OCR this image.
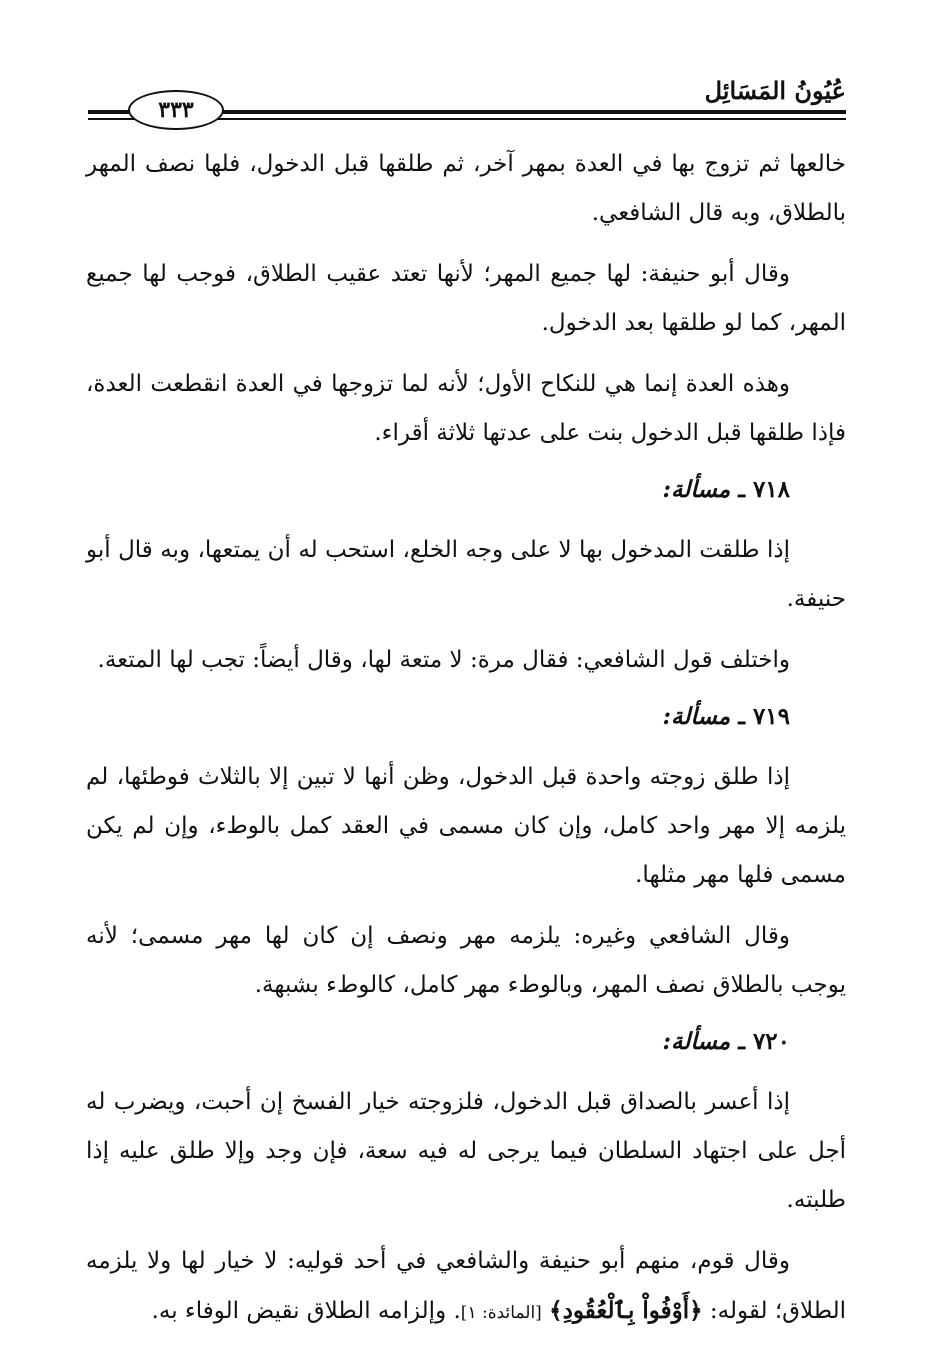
عُيُونُ المَسَائِل
٣٣٣

خالعها ثم تزوج بها في العدة بمهر آخر، ثم طلقها قبل الدخول، فلها نصف المهر بالطلاق، وبه قال الشافعي.

وقال أبو حنيفة: لها جميع المهر؛ لأنها تعتد عقيب الطلاق، فوجب لها جميع المهر، كما لو طلقها بعد الدخول.

وهذه العدة إنما هي للنكاح الأول؛ لأنه لما تزوجها في العدة انقطعت العدة، فإذا طلقها قبل الدخول بنت على عدتها ثلاثة أقراء.

٧١٨ ـ مسألة:

إذا طلقت المدخول بها لا على وجه الخلع، استحب له أن يمتعها، وبه قال أبو حنيفة.

واختلف قول الشافعي: فقال مرة: لا متعة لها، وقال أيضاً: تجب لها المتعة.

٧١٩ ـ مسألة:

إذا طلق زوجته واحدة قبل الدخول، وظن أنها لا تبين إلا بالثلاث فوطئها، لم يلزمه إلا مهر واحد كامل، وإن كان مسمى في العقد كمل بالوطء، وإن لم يكن مسمى فلها مهر مثلها.

وقال الشافعي وغيره: يلزمه مهر ونصف إن كان لها مهر مسمى؛ لأنه يوجب بالطلاق نصف المهر، وبالوطء مهر كامل، كالوطء بشبهة.

٧٢٠ ـ مسألة:

إذا أعسر بالصداق قبل الدخول، فلزوجته خيار الفسخ إن أحبت، ويضرب له أجل على اجتهاد السلطان فيما يرجى له فيه سعة، فإن وجد وإلا طلق عليه إذا طلبته.

وقال قوم، منهم أبو حنيفة والشافعي في أحد قوليه: لا خيار لها ولا يلزمه الطلاق؛ لقوله: ﴿أَوْفُواْ بِٱلْعُقُودِ﴾ [المائدة: ١]. وإلزامه الطلاق نقيض الوفاء به.
